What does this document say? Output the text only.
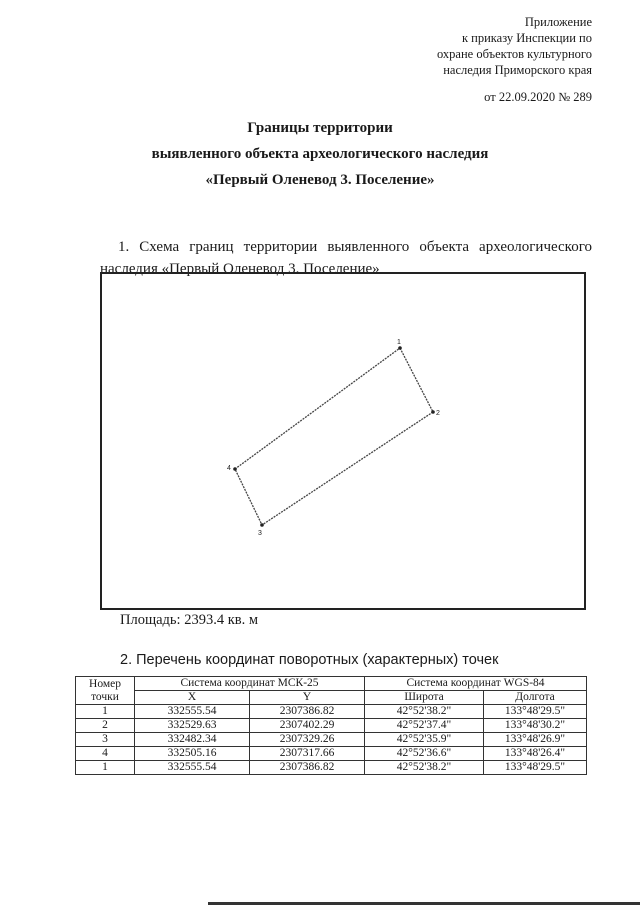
Приложение
к приказу Инспекции по
охране объектов культурного
наследия Приморского края
от 22.09.2020 № 289
Границы территории
выявленного объекта археологического наследия
«Первый Оленевод 3. Поселение»
1. Схема границ территории выявленного объекта археологического наследия «Первый Оленевод 3. Поселение»
1
2
3
4
Площадь: 2393.4 кв. м
2. Перечень координат поворотных (характерных) точек
Номер
точки	Система координат МСК-25		Система координат WGS-84	
	X	Y	Широта	Долгота
1	332555.54	2307386.82	42°52'38.2"	133°48'29.5"
2	332529.63	2307402.29	42°52'37.4"	133°48'30.2"
3	332482.34	2307329.26	42°52'35.9"	133°48'26.9"
4	332505.16	2307317.66	42°52'36.6"	133°48'26.4"
1	332555.54	2307386.82	42°52'38.2"	133°48'29.5"
